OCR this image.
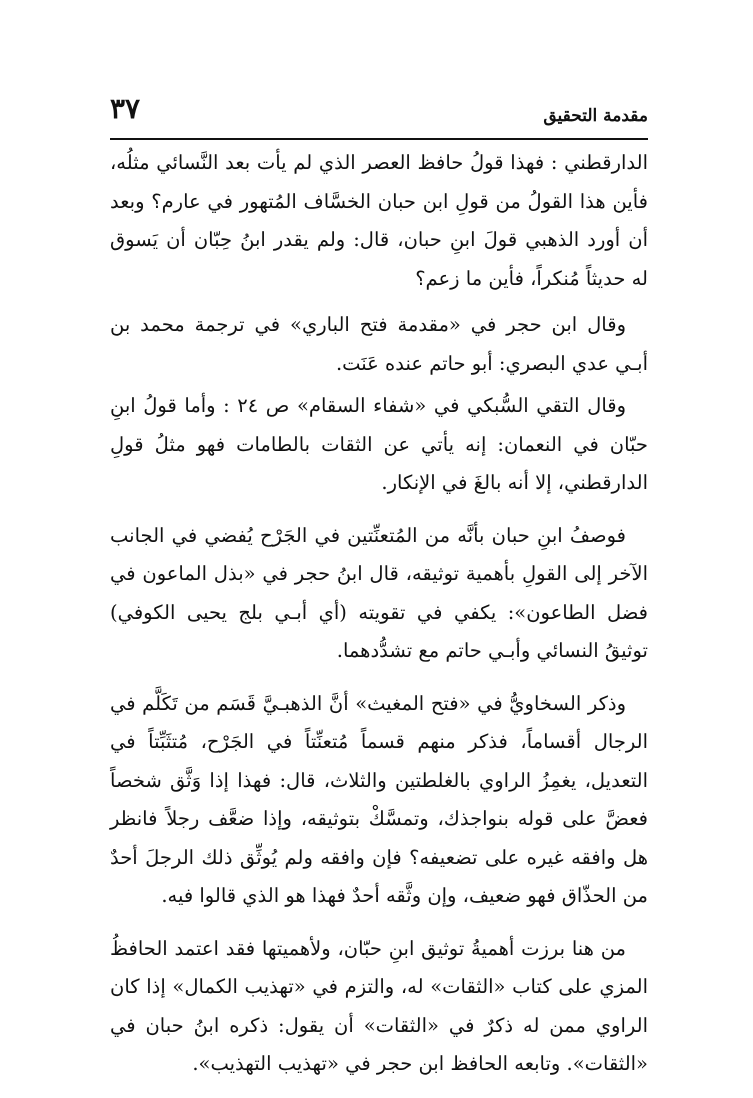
مقدمة التحقيق
٣٧

الدارقطني : فهذا قولُ حافظ العصر الذي لم يأت بعد النَّسائي مثلُه، فأين هذا القولُ من قولِ ابن حبان الخسَّاف المُتهور في عارم؟ وبعد أن أورد الذهبي قولَ ابنِ حبان، قال: ولم يقدر ابنُ حِبّان أن يَسوق له حديثاً مُنكراً، فأين ما زعم؟

وقال ابن حجر في «مقدمة فتح الباري» في ترجمة محمد بن أبـي عدي البصري: أبو حاتم عنده عَنَت.

وقال التقي السُّبكي في «شفاء السقام» ص ٢٤ : وأما قولُ ابنِ حبّان في النعمان: إنه يأتي عن الثقات بالطامات فهو مثلُ قولِ الدارقطني، إلا أنه بالغَ في الإنكار.

فوصفُ ابنِ حبان بأنَّه من المُتعنِّتين في الجَرْح يُفضي في الجانب الآخر إلى القولِ بأهمية توثيقه، قال ابنُ حجر في «بذل الماعون في فضل الطاعون»: يكفي في تقويته (أي أبـي بلج يحيى الكوفي) توثيقُ النسائي وأبـي حاتم مع تشدُّدهما.

وذكر السخاويُّ في «فتح المغيث» أنَّ الذهبـيَّ قَسَم من تَكَلَّم في الرجال أقساماً، فذكر منهم قسماً مُتعنِّتاً في الجَرْح، مُتثَبِّتاً في التعديل، يغمِزُ الراوي بالغلطتين والثلاث، قال: فهذا إذا وَثَّق شخصاً فعضَّ على قوله بنواجذك، وتمسَّكْ بتوثيقه، وإذا ضعَّف رجلاً فانظر هل وافقه غيره على تضعيفه؟ فإن وافقه ولم يُوثِّق ذلك الرجلَ أحدٌ من الحذّاق فهو ضعيف، وإن وثَّقه أحدٌ فهذا هو الذي قالوا فيه.

من هنا برزت أهميةُ توثيق ابنِ حبّان، ولأهميتها فقد اعتمد الحافظُ المزي على كتاب «الثقات» له، والتزم في «تهذيب الكمال» إذا كان الراوي ممن له ذكرٌ في «الثقات» أن يقول: ذكره ابنُ حبان في «الثقات». وتابعه الحافظ ابن حجر في «تهذيب التهذيب».
